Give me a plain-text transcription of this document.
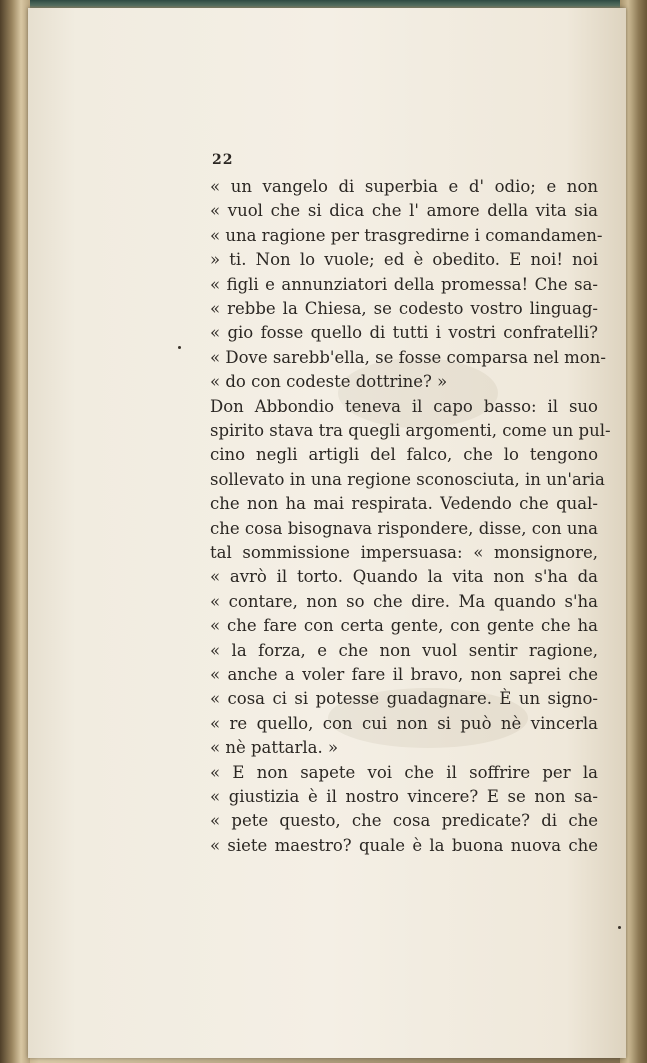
22
« un vangelo di superbia e d' odio; e non
« vuol che si dica che l' amore della vita sia
« una ragione per trasgredirne i comandamen-
» ti. Non lo vuole; ed è obedito. E noi! noi
« figli e annunziatori della promessa! Che sa-
« rebbe la Chiesa, se codesto vostro linguag-
« gio fosse quello di tutti i vostri confratelli?
« Dove sarebb'ella, se fosse comparsa nel mon-
« do con codeste dottrine? »
Don Abbondio teneva il capo basso: il suo
spirito stava tra quegli argomenti, come un pul-
cino negli artigli del falco, che lo tengono
sollevato in una regione sconosciuta, in un'aria
che non ha mai respirata. Vedendo che qual-
che cosa bisognava rispondere, disse, con una
tal sommissione impersuasa: « monsignore,
« avrò il torto. Quando la vita non s'ha da
« contare, non so che dire. Ma quando s'ha
« che fare con certa gente, con gente che ha
« la forza, e che non vuol sentir ragione,
« anche a voler fare il bravo, non saprei che
« cosa ci si potesse guadagnare. È un signo-
« re quello, con cui non si può nè vincerla
« nè pattarla. »
« E non sapete voi che il soffrire per la
« giustizia è il nostro vincere? E se non sa-
« pete questo, che cosa predicate? di che
« siete maestro? quale è la buona nuova che
